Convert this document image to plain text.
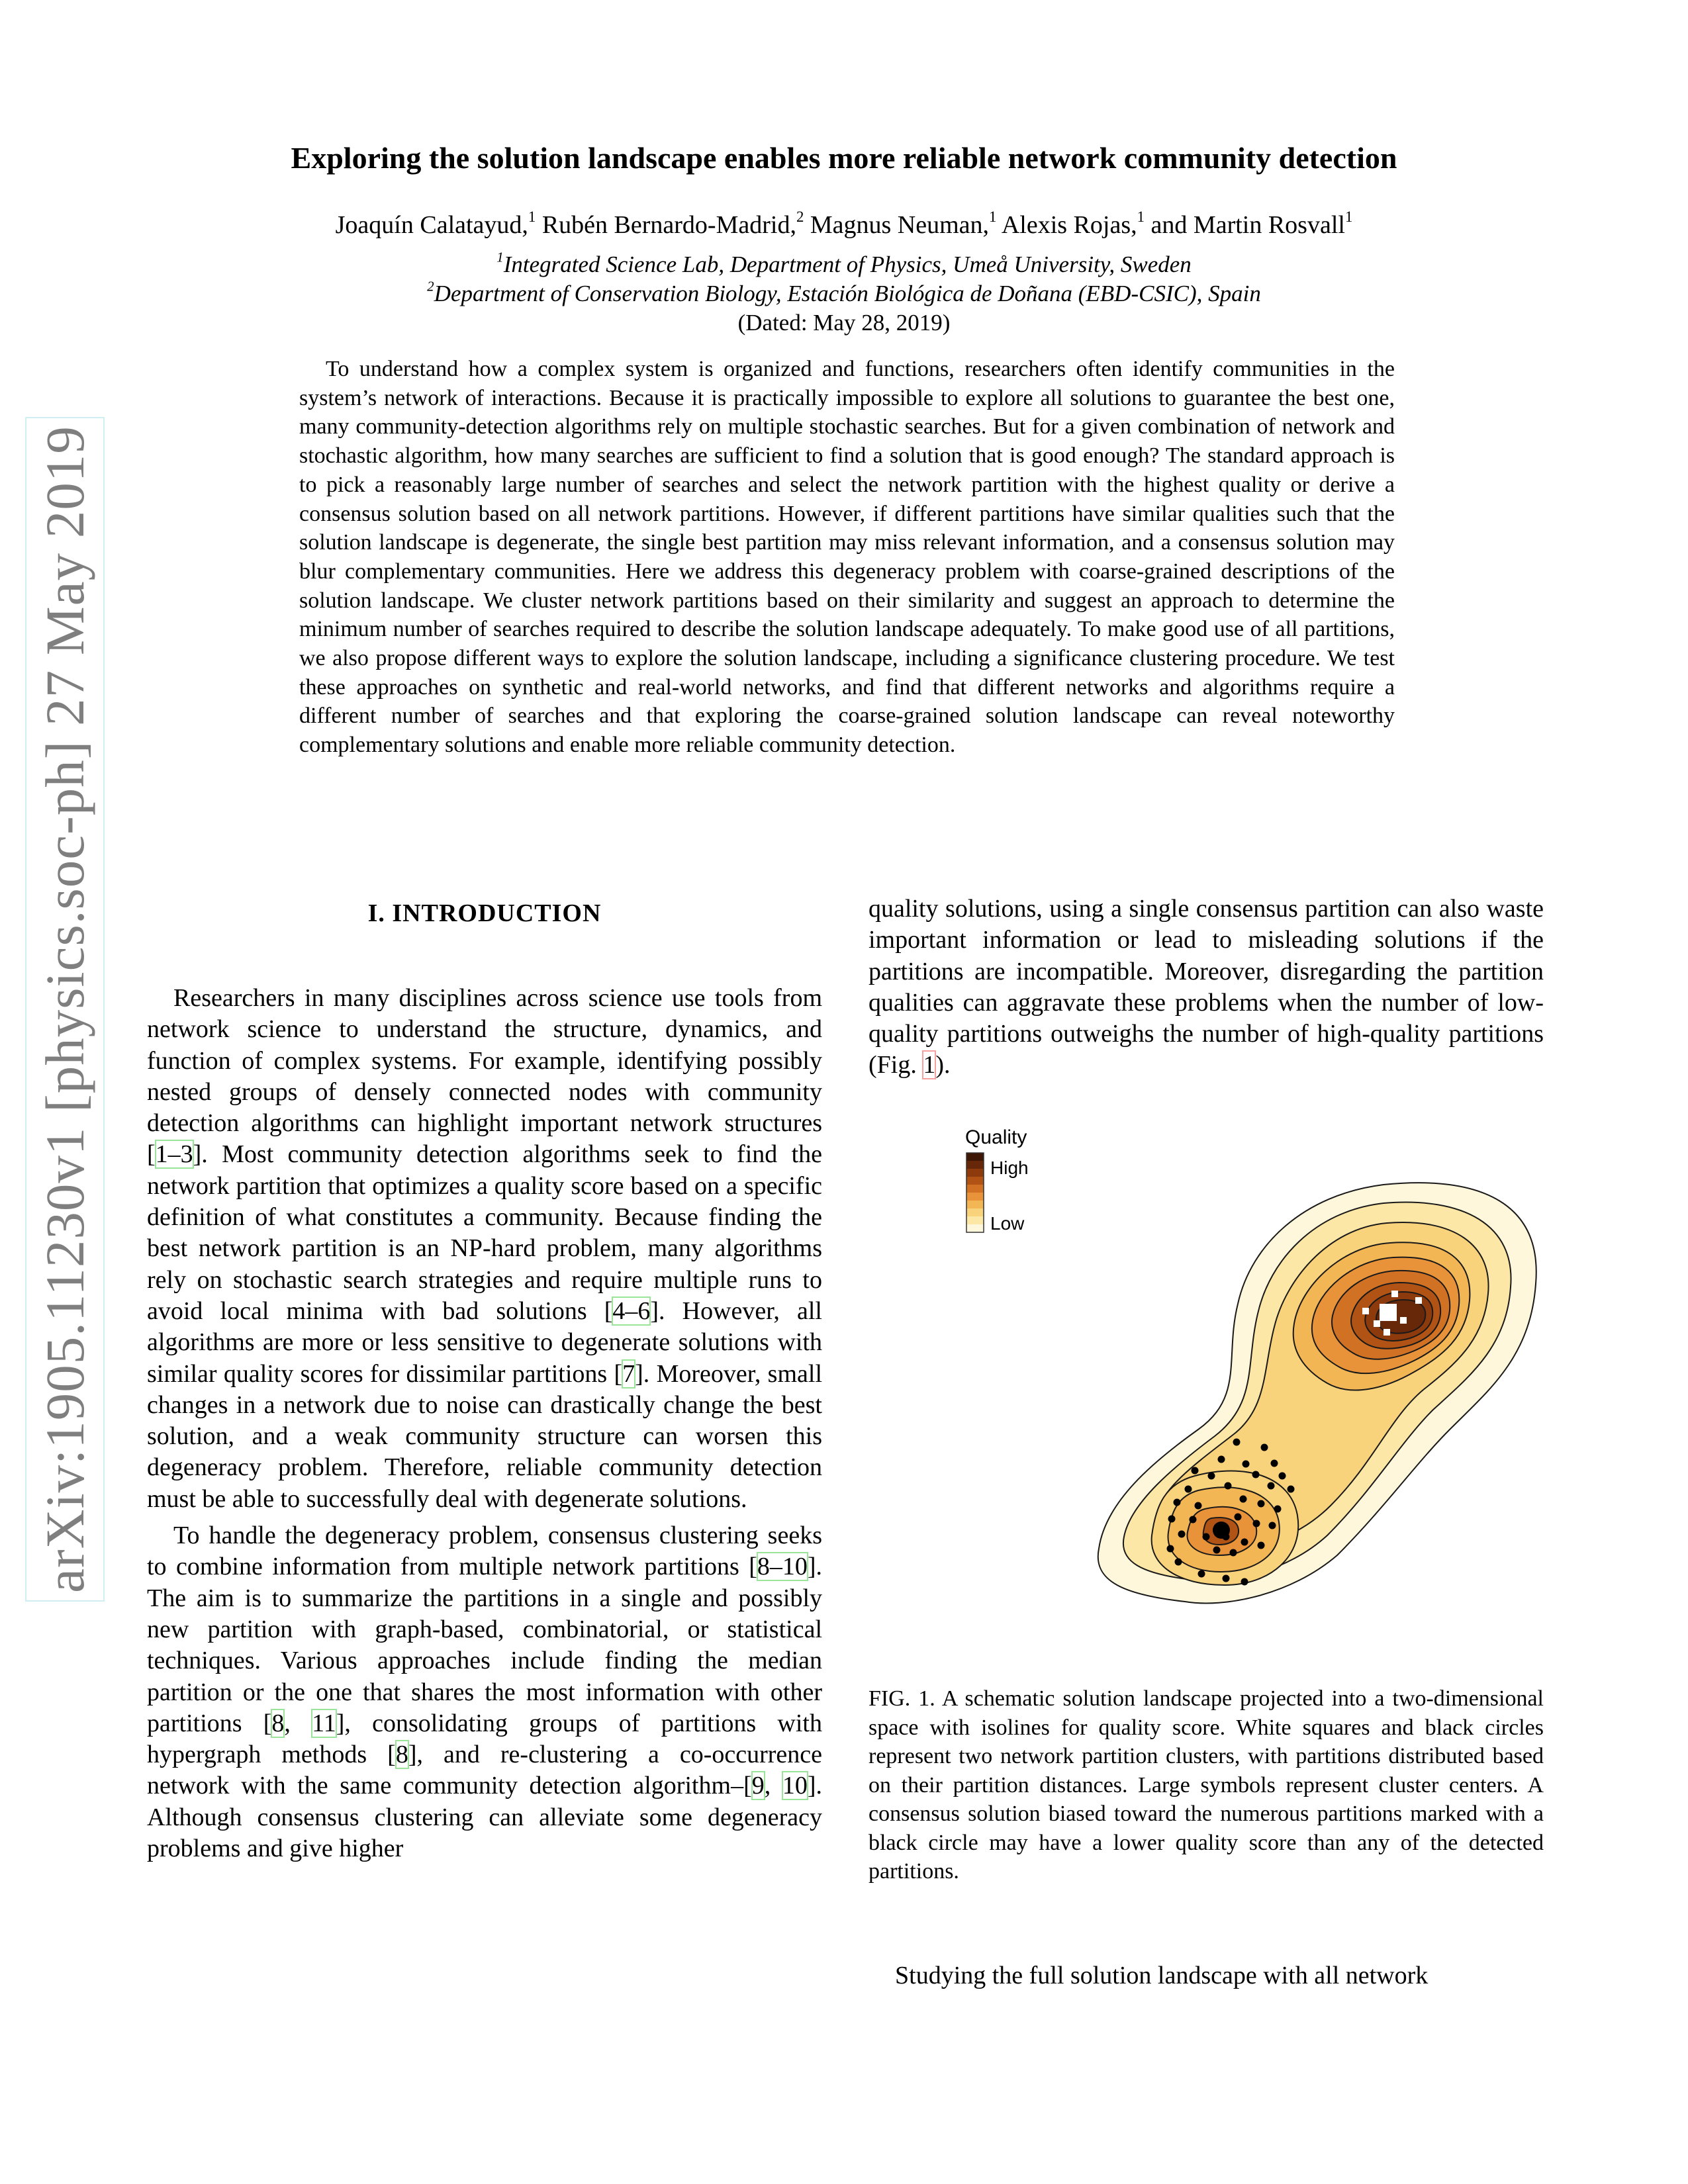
arXiv:1905.11230v1 [physics.soc-ph] 27 May 2019
Exploring the solution landscape enables more reliable network community detection
Joaquín Calatayud,$^1$ Rubén Bernardo-Madrid,$^2$ Magnus Neuman,$^1$ Alexis Rojas,$^1$ and Martin Rosvall$^1$
$^1$Integrated Science Lab, Department of Physics, Umeå University, Sweden
$^2$Department of Conservation Biology, Estación Biológica de Doñana (EBD-CSIC), Spain
(Dated: May 28, 2019)
To understand how a complex system is organized and functions, researchers often identify communities in the system’s network of interactions. Because it is practically impossible to explore all solutions to guarantee the best one, many community-detection algorithms rely on multiple stochastic searches. But for a given combination of network and stochastic algorithm, how many searches are sufficient to find a solution that is good enough? The standard approach is to pick a reasonably large number of searches and select the network partition with the highest quality or derive a consensus solution based on all network partitions. However, if different partitions have similar qualities such that the solution landscape is degenerate, the single best partition may miss relevant information, and a consensus solution may blur complementary communities. Here we address this degeneracy problem with coarse-grained descriptions of the solution landscape. We cluster network partitions based on their similarity and suggest an approach to determine the minimum number of searches required to describe the solution landscape adequately. To make good use of all partitions, we also propose different ways to explore the solution landscape, including a significance clustering procedure. We test these approaches on synthetic and real-world networks, and find that different networks and algorithms require a different number of searches and that exploring the coarse-grained solution landscape can reveal noteworthy complementary solutions and enable more reliable community detection.
I. INTRODUCTION

Researchers in many disciplines across science use tools from network science to understand the structure, dynamics, and function of complex systems. For example, identifying possibly nested groups of densely connected nodes with community detection algorithms can highlight important network structures [1–3]. Most community detection algorithms seek to find the network partition that optimizes a quality score based on a specific definition of what constitutes a community. Because finding the best network partition is an NP-hard problem, many algorithms rely on stochastic search strategies and require multiple runs to avoid local minima with bad solutions [4–6]. However, all algorithms are more or less sensitive to degenerate solutions with similar quality scores for dissimilar partitions [7]. Moreover, small changes in a network due to noise can drastically change the best solution, and a weak community structure can worsen this degeneracy problem. Therefore, reliable community detection must be able to successfully deal with degenerate solutions.

To handle the degeneracy problem, consensus clustering seeks to combine information from multiple network partitions [8–10]. The aim is to summarize the partitions in a single and possibly new partition with graph-based, combinatorial, or statistical techniques. Various approaches include finding the median partition or the one that shares the most information with other partitions [8, 11], consolidating groups of partitions with hypergraph methods [8], and re-clustering a co-occurrence network with the same community detection algorithm–[9, 10]. Although consensus clustering can alleviate some degeneracy problems and give higher

quality solutions, using a single consensus partition can also waste important information or lead to misleading solutions if the partitions are incompatible. Moreover, disregarding the partition qualities can aggravate these problems when the number of low-quality partitions outweighs the number of high-quality partitions (Fig. 1).

Quality
High
Low
FIG. 1. A schematic solution landscape projected into a two-dimensional space with isolines for quality score. White squares and black circles represent two network partition clusters, with partitions distributed based on their partition distances. Large symbols represent cluster centers. A consensus solution biased toward the numerous partitions marked with a black circle may have a lower quality score than any of the detected partitions.
Studying the full solution landscape with all network
